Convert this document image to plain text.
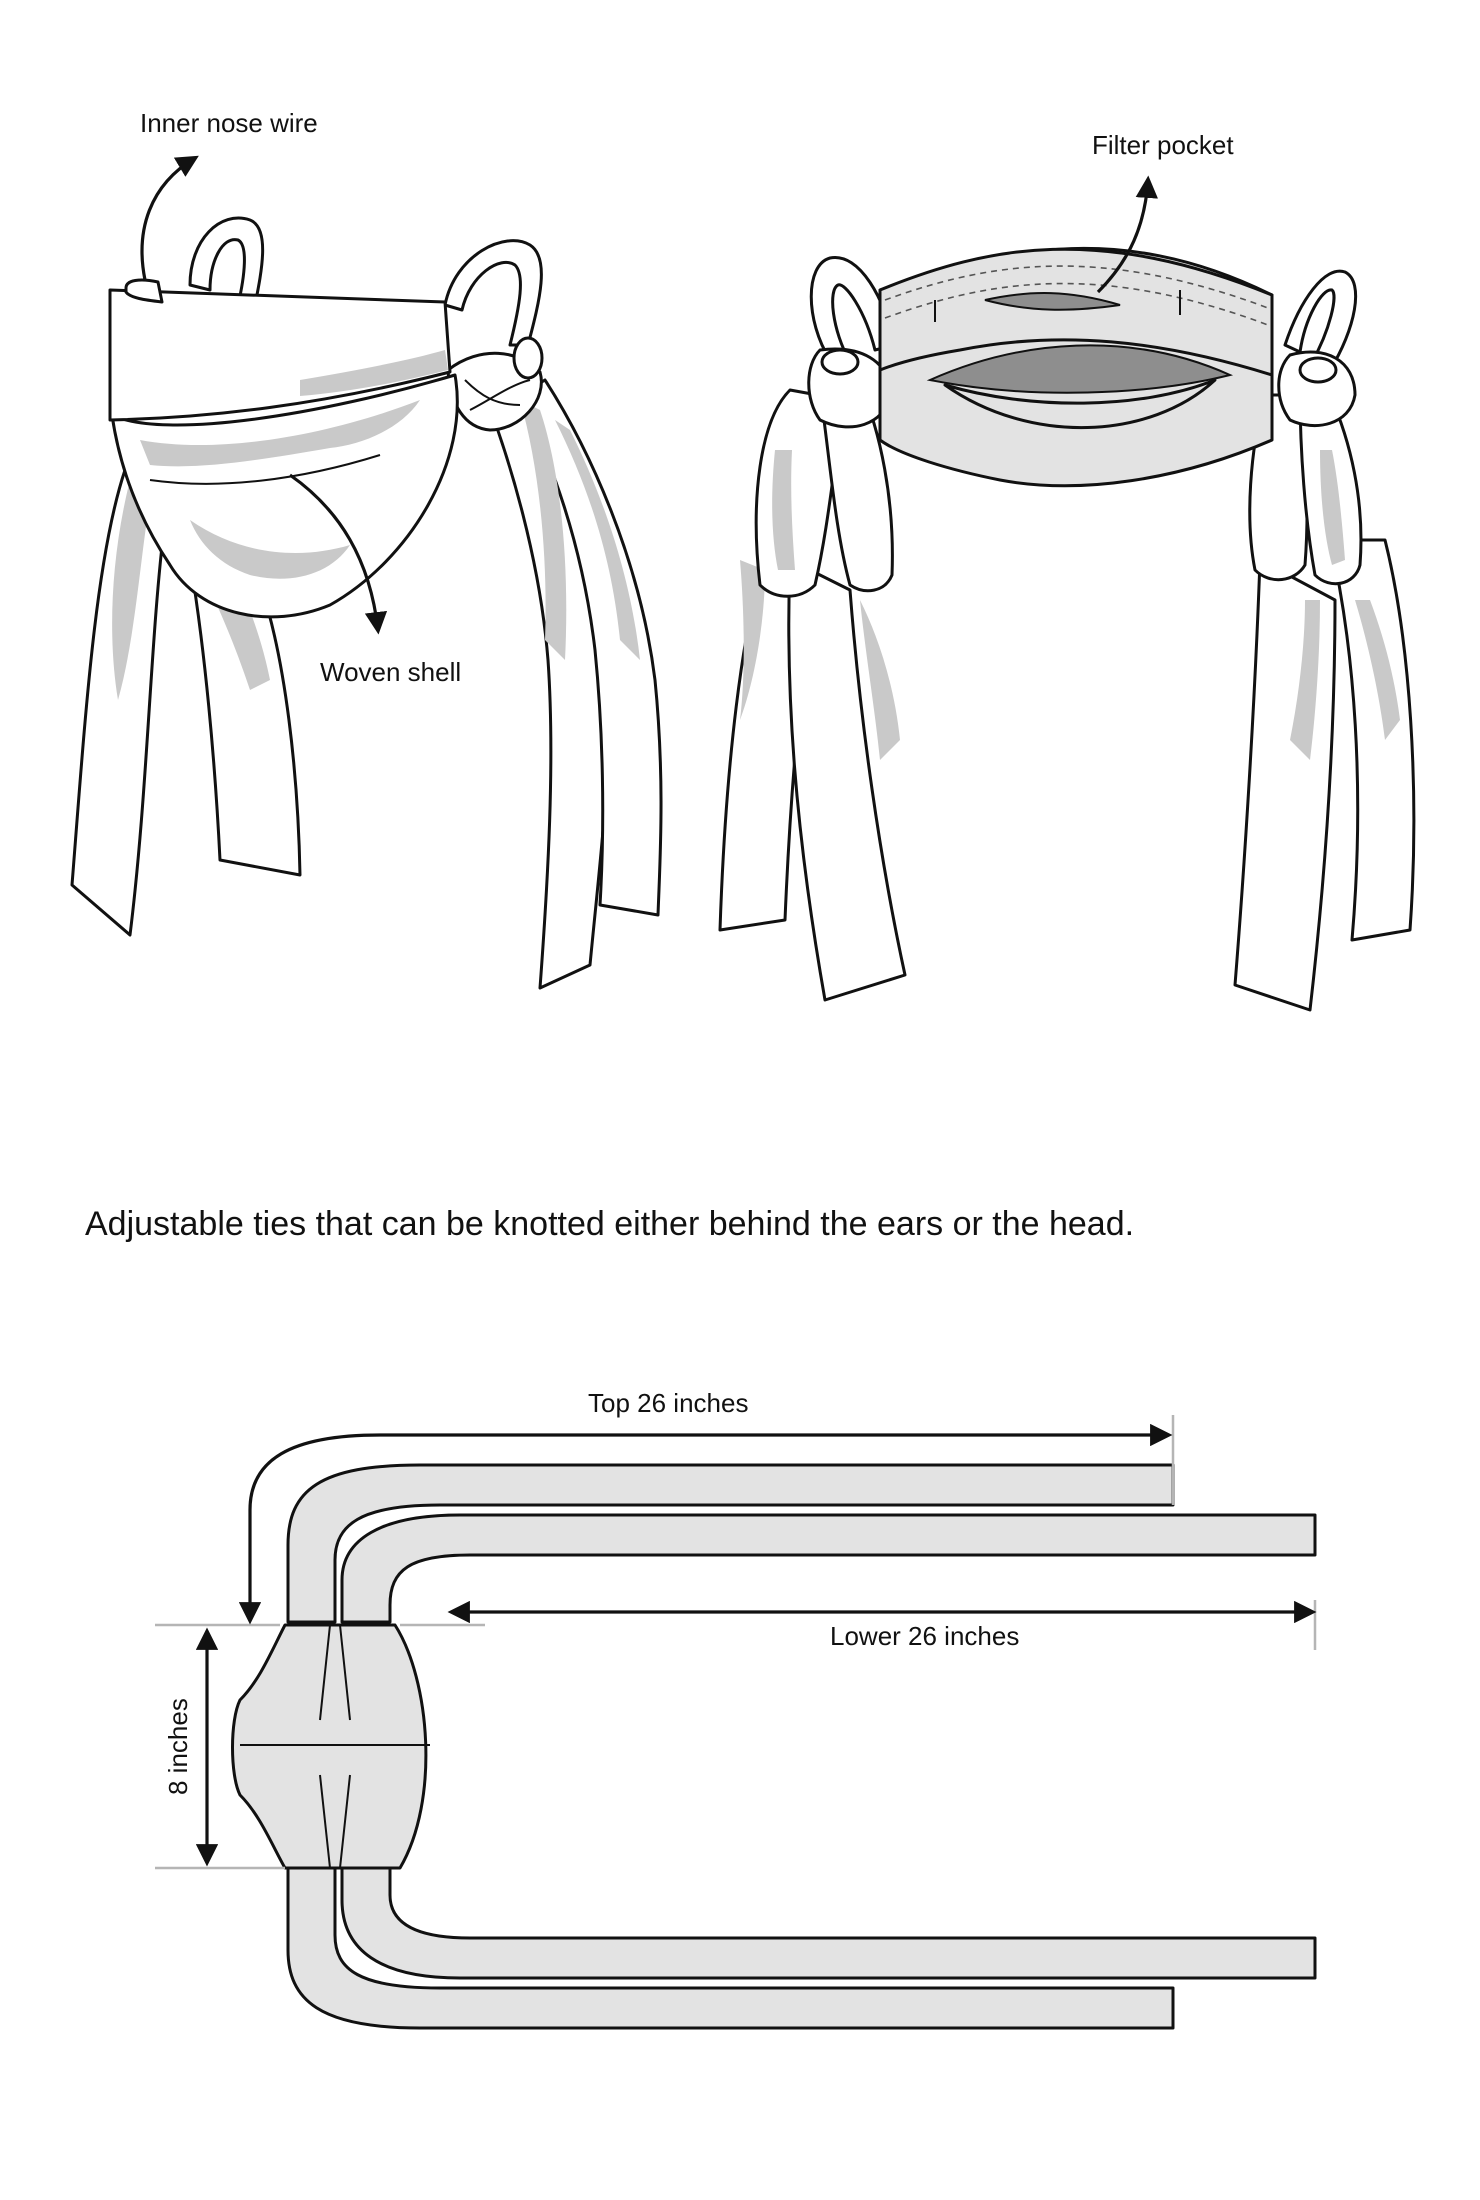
Inner nose wire
Woven shell
Filter pocket
Adjustable ties that can be knotted either behind the ears or the head.
Top 26 inches
Lower 26 inches
8 inches
